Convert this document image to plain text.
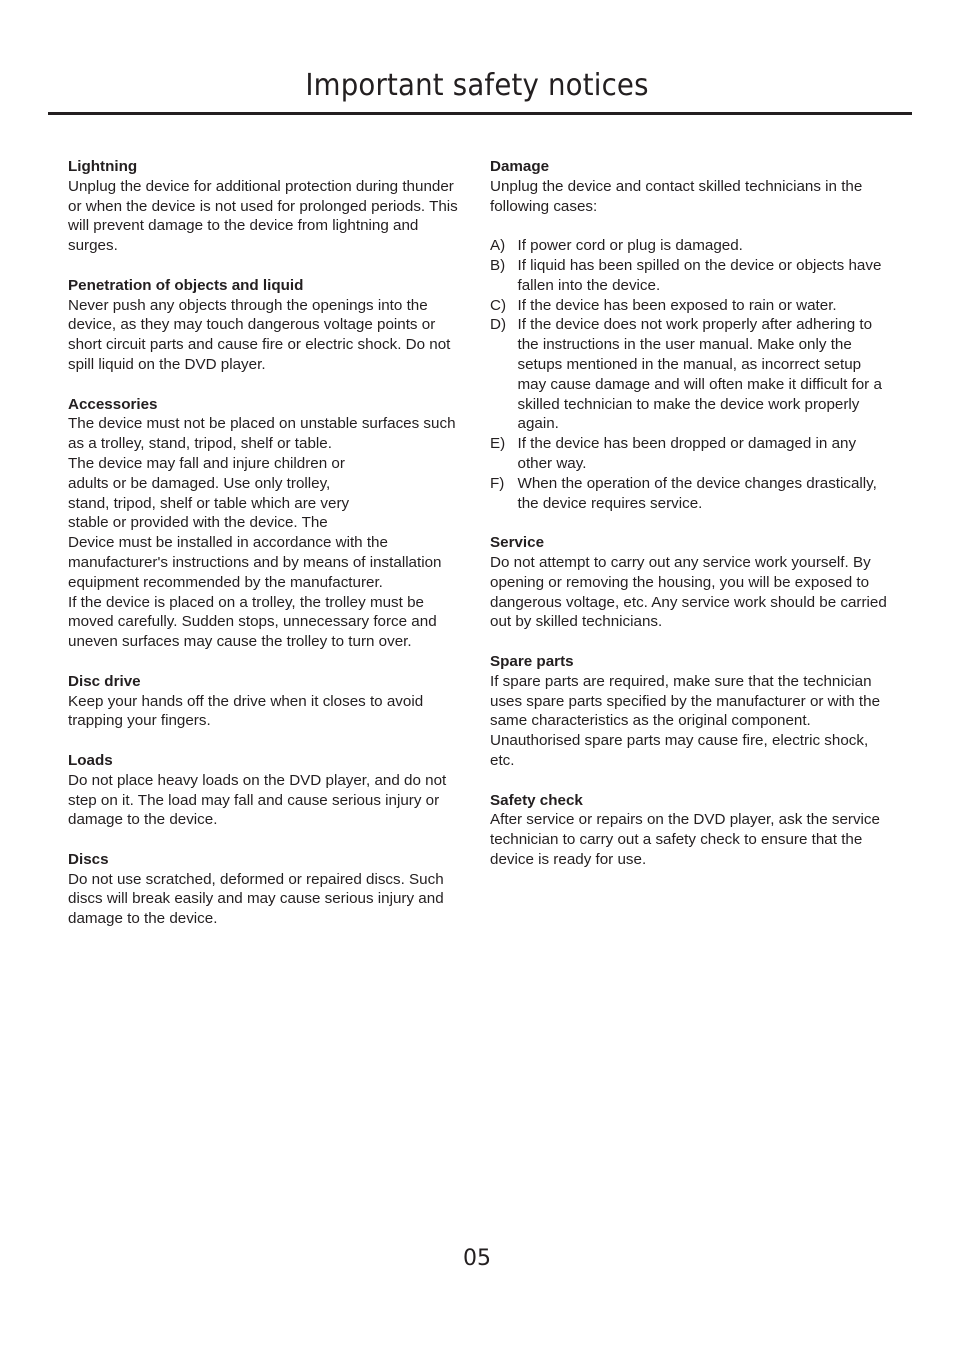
Important safety notices

Lightning

Unplug the device for additional protection during thunder or when the device is not used for prolonged periods. This will prevent damage to the device from lightning and surges.

Penetration of objects and liquid

Never push any objects through the openings into the device, as they may touch dangerous voltage points or short circuit parts and cause fire or electric shock. Do not spill liquid on the DVD player.

Accessories

The device must not be placed on unstable surfaces such as a trolley, stand, tripod, shelf or table.

The device may fall and injure children or

adults or be damaged. Use only trolley,

stand, tripod, shelf or table which are very

stable or provided with the device. The

Device must be installed in accordance with the manufacturer's instructions and by means of installation equipment recommended by the manufacturer.

If the device is placed on a trolley, the trolley must be moved carefully. Sudden stops, unnecessary force and uneven surfaces may cause the trolley to turn over.

Disc drive

Keep your hands off the drive when it closes to avoid trapping your fingers.

Loads

Do not place heavy loads on the DVD player, and do not step on it. The load may fall and cause serious injury or damage to the device.

Discs

Do not use scratched, deformed or repaired discs. Such discs will break easily and may cause serious injury and damage to the device.

Damage

Unplug the device and contact skilled technicians in the following cases:

A) If power cord or plug is damaged.
B) If liquid has been spilled on the device or objects have fallen into the device.
C) If the device has been exposed to rain or water.
D) If the device does not work properly after adhering to the instructions in the user manual. Make only the setups mentioned in the manual, as incorrect setup may cause damage and will often make it difficult for a skilled technician to make the device work properly again.
E) If the device has been dropped or damaged in any other way.
F) When the operation of the device changes drastically, the device requires service.

Service

Do not attempt to carry out any service work yourself. By opening or removing the housing, you will be exposed to dangerous voltage, etc. Any service work should be carried out by skilled technicians.

Spare parts

If spare parts are required, make sure that the technician uses spare parts specified by the manufacturer or with the same characteristics as the original component. Unauthorised spare parts may cause fire, electric shock, etc.

Safety check

After service or repairs on the DVD player, ask the service technician to carry out a safety check to ensure that the device is ready for use.

05
